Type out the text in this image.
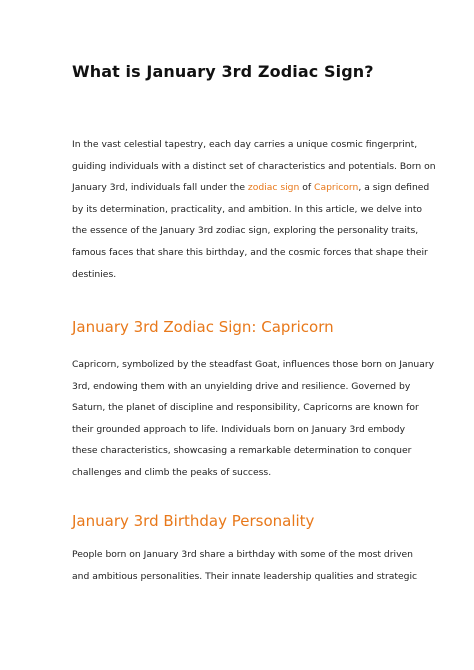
What is January 3rd Zodiac Sign?

In the vast celestial tapestry, each day carries a unique cosmic fingerprint,
guiding individuals with a distinct set of characteristics and potentials. Born on
January 3rd, individuals fall under the zodiac sign of Capricorn, a sign defined
by its determination, practicality, and ambition. In this article, we delve into
the essence of the January 3rd zodiac sign, exploring the personality traits,
famous faces that share this birthday, and the cosmic forces that shape their
destinies.

January 3rd Zodiac Sign: Capricorn

Capricorn, symbolized by the steadfast Goat, influences those born on January
3rd, endowing them with an unyielding drive and resilience. Governed by
Saturn, the planet of discipline and responsibility, Capricorns are known for
their grounded approach to life. Individuals born on January 3rd embody
these characteristics, showcasing a remarkable determination to conquer
challenges and climb the peaks of success.

January 3rd Birthday Personality

People born on January 3rd share a birthday with some of the most driven
and ambitious personalities. Their innate leadership qualities and strategic
